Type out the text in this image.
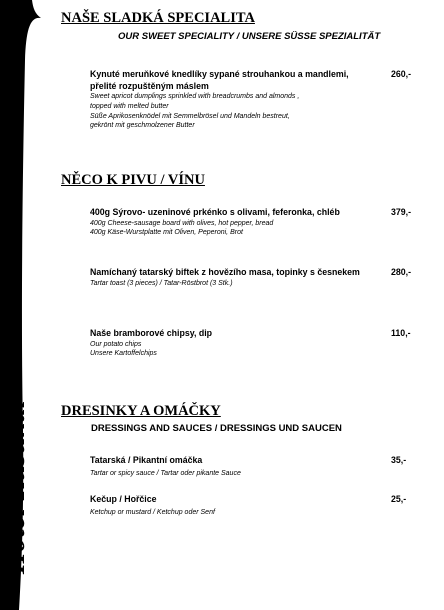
Hotel Rustikal
NAŠE SLADKÁ SPECIALITA
OUR SWEET SPECIALITY / UNSERE SÜSSE SPEZIALITÄT
Kynuté meruňkové knedlíky sypané strouhankou a mandlemi, přelité rozpuštěným máslem
Sweet apricot dumplings sprinkled with breadcrumbs and almonds ,
topped with melted butter
Süße Aprikosenknödel mit Semmelbrösel und Mandeln bestreut,
gekrönt mit geschmolzener Butter
260,-
NĚCO K PIVU / VÍNU
400g Sýrovo- uzeninové prkénko s olivami, feferonka, chléb
400g Cheese-sausage board with olives, hot pepper, bread
400g Käse-Wurstplatte mit Oliven, Peperoni, Brot
379,-
Namíchaný tatarský biftek z hovězího masa, topinky s česnekem
Tartar toast (3 pieces) / Tatar-Röstbrot (3 Stk.)
280,-
Naše bramborové chipsy, dip
Our potato chips
Unsere Kartoffelchips
110,-
DRESINKY A OMÁČKY
DRESSINGS AND SAUCES / DRESSINGS UND SAUCEN
Tatarská / Pikantní omáčka
Tartar or spicy sauce / Tartar oder pikante Sauce
35,-
Kečup / Hořčice
Ketchup or mustard / Ketchup oder Senf
25,-
